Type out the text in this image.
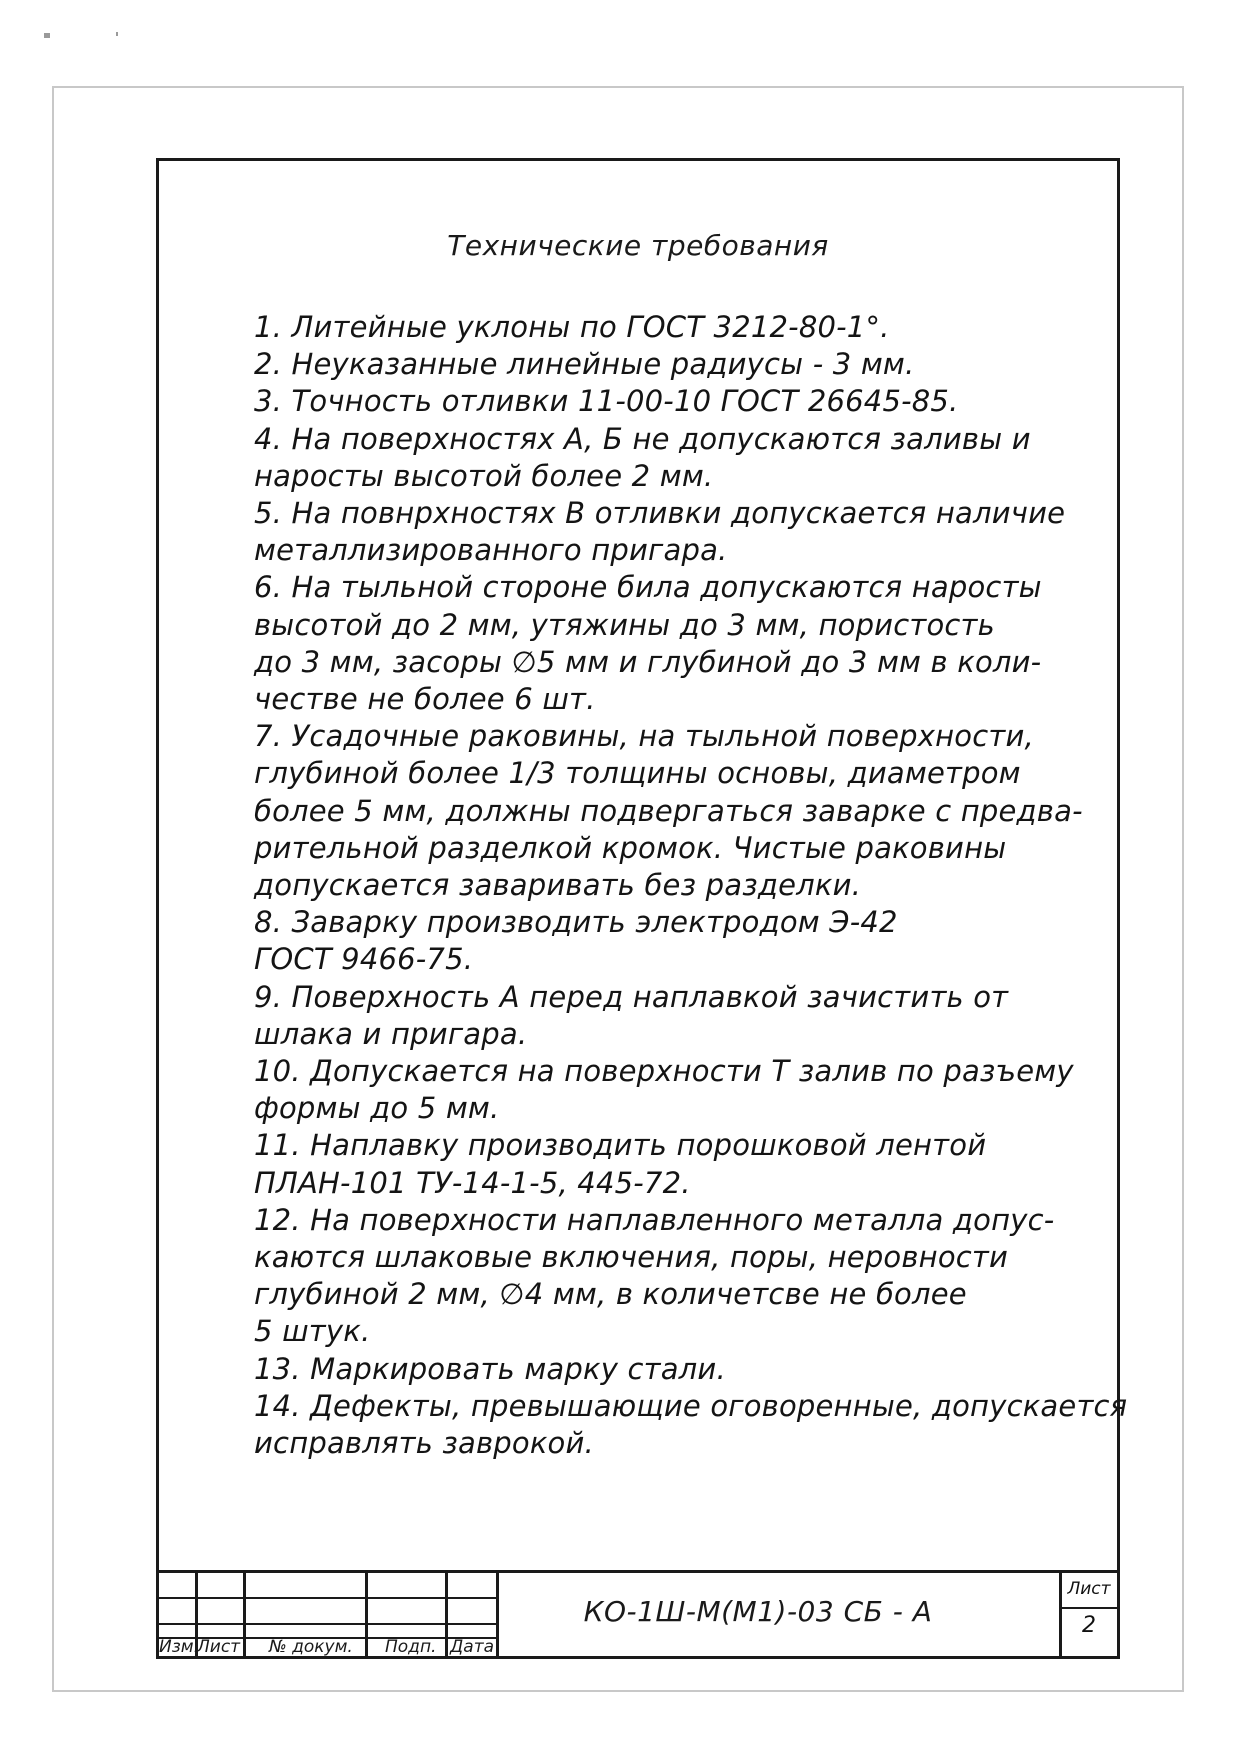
Технические требования
1. Литейные уклоны по ГОСТ 3212-80-1°.
2. Неуказанные линейные радиусы - 3 мм.
3. Точность отливки 11-00-10 ГОСТ 26645-85.
4. На поверхностях А, Б не допускаются заливы и
наросты высотой более 2 мм.
5. На повнрхностях В отливки допускается наличие
металлизированного пригара.
6. На тыльной стороне била допускаются наросты
высотой до 2 мм, утяжины до 3 мм, пористость
до 3 мм, засоры ∅5 мм и глубиной до 3 мм в коли-
честве не более 6 шт.
7. Усадочные раковины, на тыльной поверхности,
глубиной более 1/3 толщины основы, диаметром
более 5 мм, должны подвергаться заварке с предва-
рительной разделкой кромок. Чистые раковины
допускается заваривать без разделки.
8. Заварку производить электродом Э-42
ГОСТ 9466-75.
9. Поверхность А перед наплавкой зачистить от
шлака и пригара.
10. Допускается на поверхности Т залив по разъему
формы до 5 мм.
11. Наплавку производить порошковой лентой
ПЛАН-101 ТУ-14-1-5, 445-72.
12. На поверхности наплавленного металла допус-
каются шлаковые включения, поры, неровности
глубиной 2 мм, ∅4 мм, в количетсве не более
5 штук.
13. Маркировать марку стали.
14. Дефекты, превышающие оговоренные, допускается
исправлять заврокой.
Изм.
Лист № докум. Подп. Дата
КО-1Ш-М(М1)-03 СБ - А
Лист
2
